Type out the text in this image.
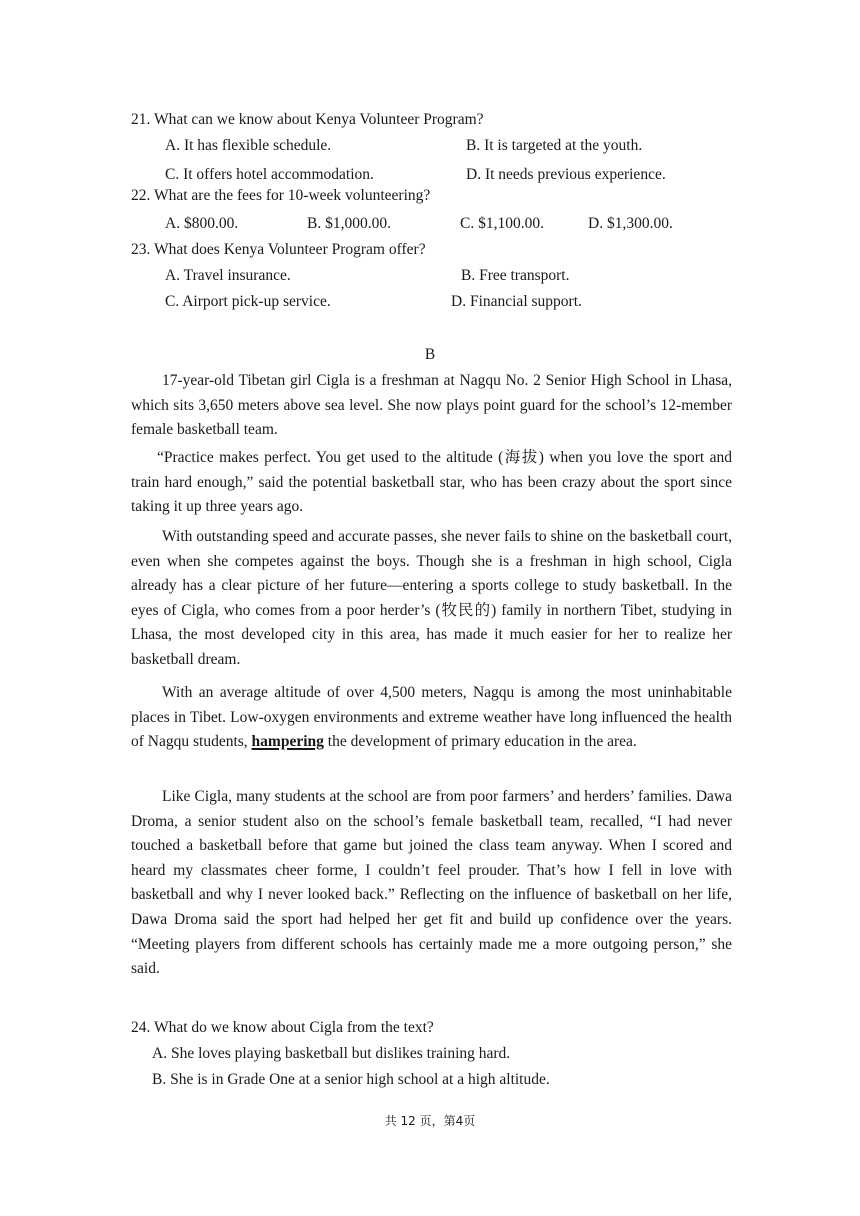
21. What can we know about Kenya Volunteer Program?
A. It has flexible schedule.	B. It is targeted at the youth.
C. It offers hotel accommodation.	D. It needs previous experience.
22. What are the fees for 10-week volunteering?
A. $800.00.	B. $1,000.00.	C. $1,100.00.	D. $1,300.00.
23. What does Kenya Volunteer Program offer?
A. Travel insurance.	B. Free transport.
C. Airport pick-up service.	D. Financial support.
B

17-year-old Tibetan girl Cigla is a freshman at Nagqu No. 2 Senior High School in Lhasa, which sits 3,650 meters above sea level. She now plays point guard for the school’s 12-member female basketball team.

“Practice makes perfect. You get used to the altitude (海拔) when you love the sport and train hard enough,” said the potential basketball star, who has been crazy about the sport since taking it up three years ago.

With outstanding speed and accurate passes, she never fails to shine on the basketball court, even when she competes against the boys. Though she is a freshman in high school, Cigla already has a clear picture of her future—entering a sports college to study basketball. In the eyes of Cigla, who comes from a poor herder’s (牧民的) family in northern Tibet, studying in Lhasa, the most developed city in this area, has made it much easier for her to realize her basketball dream.

With an average altitude of over 4,500 meters, Nagqu is among the most uninhabitable places in Tibet. Low-oxygen environments and extreme weather have long influenced the health of Nagqu students, hampering the development of primary education in the area.

Like Cigla, many students at the school are from poor farmers’ and herders’ families. Dawa Droma, a senior student also on the school’s female basketball team, recalled, “I had never touched a basketball before that game but joined the class team anyway. When I scored and heard my classmates cheer forme, I couldn’t feel prouder. That’s how I fell in love with basketball and why I never looked back.” Reflecting on the influence of basketball on her life, Dawa Droma said the sport had helped her get fit and build up confidence over the years. “Meeting players from different schools has certainly made me a more outgoing person,” she said.

24. What do we know about Cigla from the text?
A. She loves playing basketball but dislikes training hard.
B. She is in Grade One at a senior high school at a high altitude.
共 12 页，第4页
